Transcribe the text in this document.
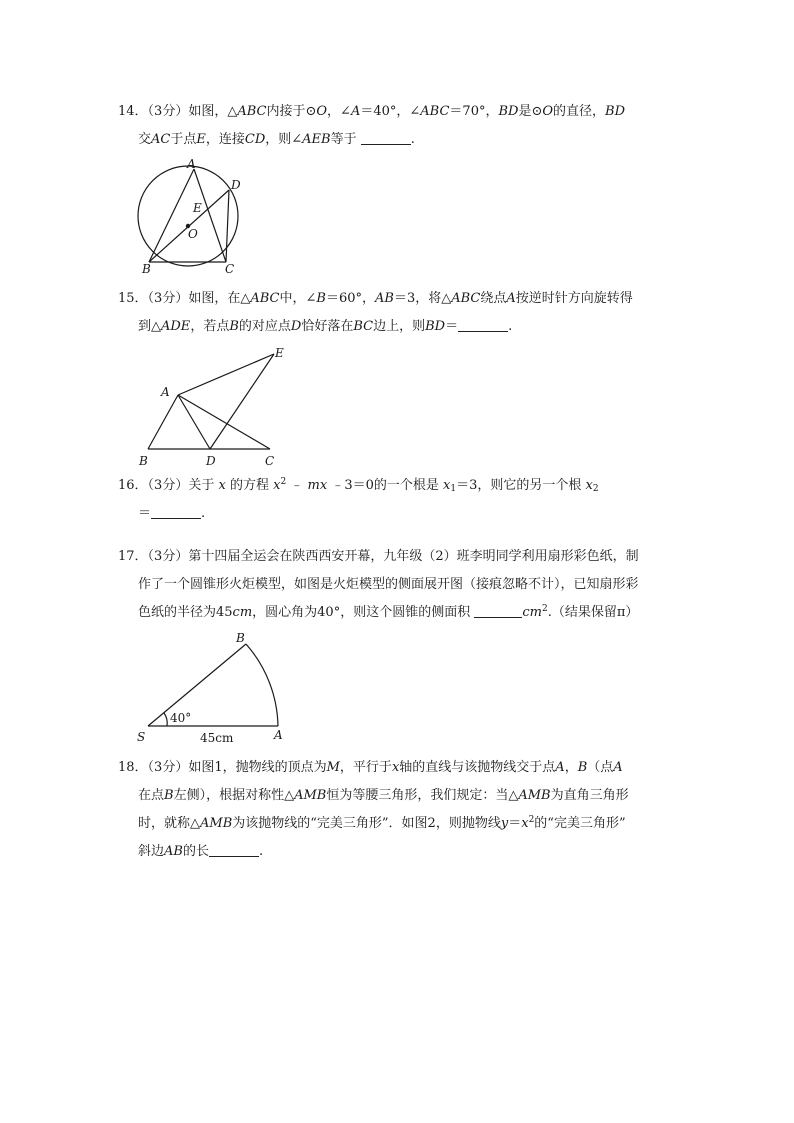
14．（3分）如图，△ABC内接于⊙O，∠A＝40°，∠ABC＝70°，BD是⊙O的直径，BD
交AC于点E，连接CD，则∠AEB等于	.
A
B	C
D
E
O
15．（3分）如图，在△ABC中，∠B＝60°，AB＝3，将△ABC绕点A按逆时针方向旋转得
到△ADE，若点B的对应点D恰好落在BC边上，则BD＝	.
A
B	D	C
E
16．（3分）关于 x 的方程 $x^2$ ﹣ mx ﹣3＝0的一个根是 $x_1=3$，则它的另一个根 $x_2$
＝	.
17．（3分）第十四届全运会在陕西西安开幕，九年级（2）班李明同学利用扇形彩色纸，制
作了一个圆锥形火炬模型，如图是火炬模型的侧面展开图（接痕忽略不计），已知扇形彩
色纸的半径为45cm，圆心角为40°，则这个圆锥的侧面积	$cm^2$.（结果保留π）
40°
S	A
B
45cm
18．（3分）如图1，抛物线的顶点为M，平行于x轴的直线与该抛物线交于点A，B（点A
在点B左侧），根据对称性△AMB恒为等腰三角形，我们规定：当△AMB为直角三角形
时，就称△AMB为该抛物线的“完美三角形”．如图2，则抛物线$y=x^2$的“完美三角形”
斜边AB的长	.
